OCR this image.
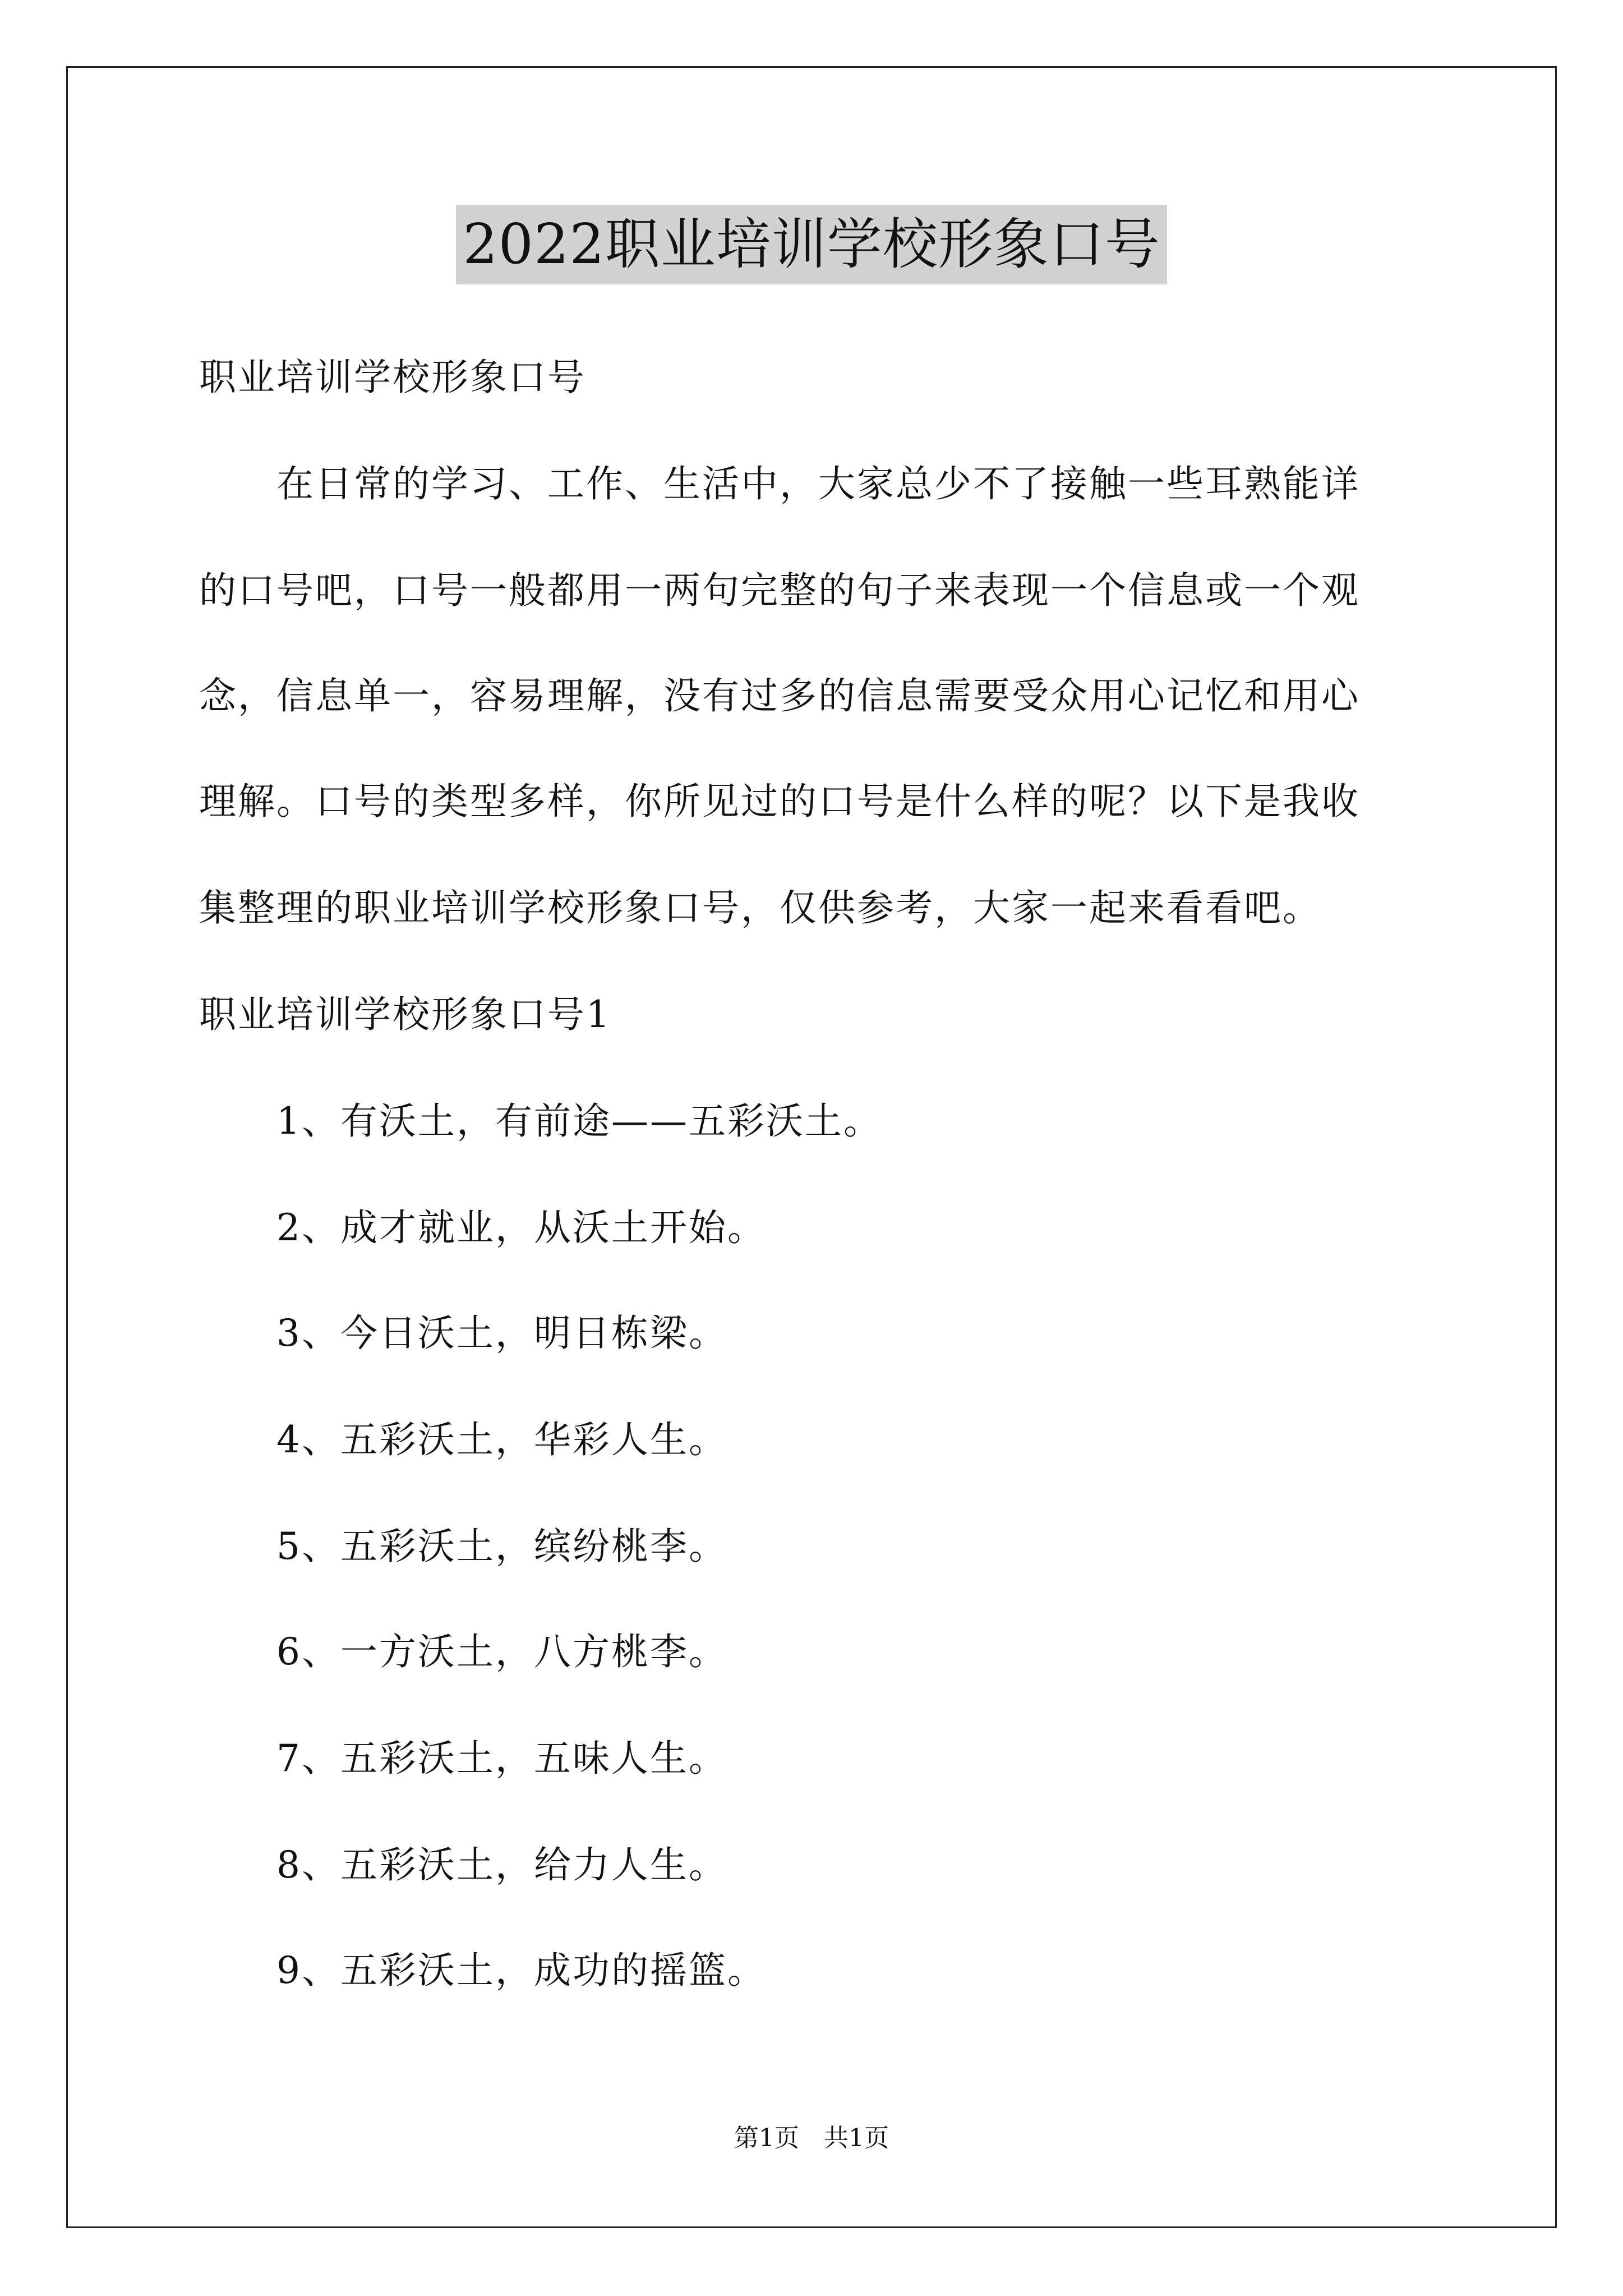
2022职业培训学校形象口号
职业培训学校形象口号
在日常的学习、工作、生活中，大家总少不了接触一些耳熟能详
的口号吧，口号一般都用一两句完整的句子来表现一个信息或一个观
念，信息单一，容易理解，没有过多的信息需要受众用心记忆和用心
理解。口号的类型多样，你所见过的口号是什么样的呢？以下是我收
集整理的职业培训学校形象口号，仅供参考，大家一起来看看吧。
职业培训学校形象口号1
1、有沃土，有前途——五彩沃土。
2、成才就业，从沃土开始。
3、今日沃土，明日栋梁。
4、五彩沃土，华彩人生。
5、五彩沃土，缤纷桃李。
6、一方沃土，八方桃李。
7、五彩沃土，五味人生。
8、五彩沃土，给力人生。
9、五彩沃土，成功的摇篮。
第1页　共1页
